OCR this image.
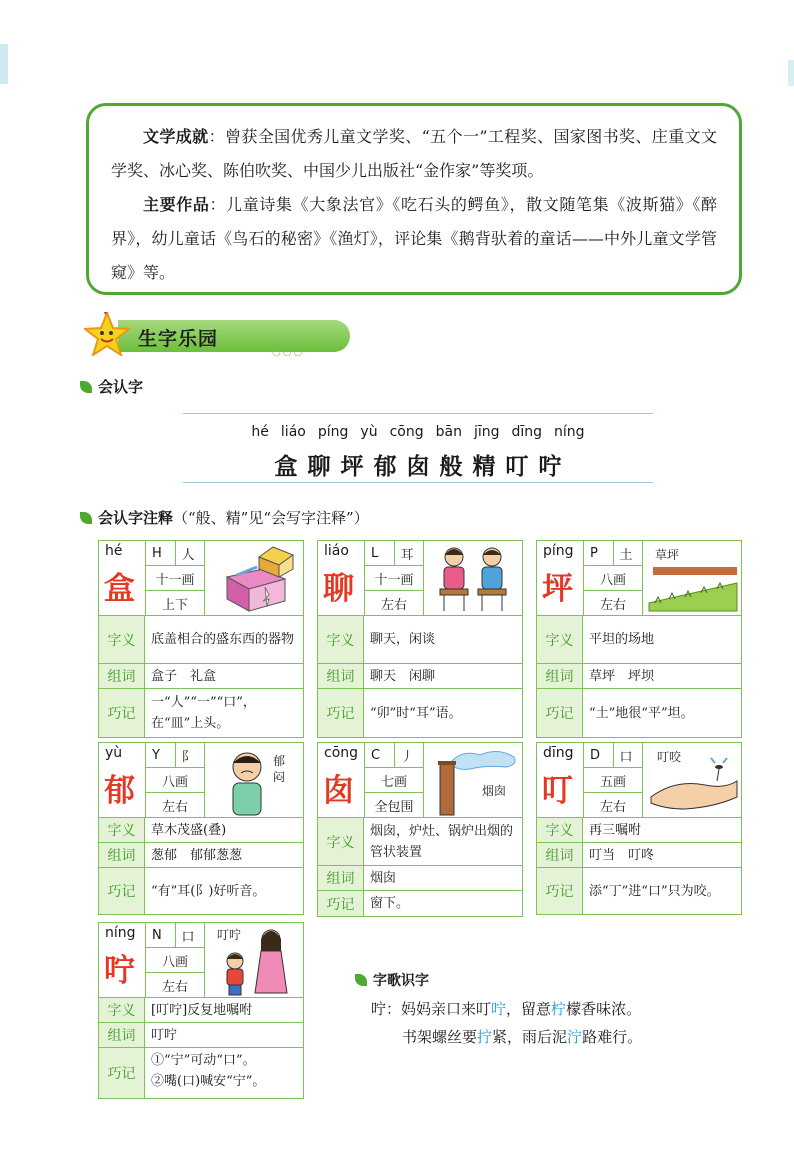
文学成就：曾获全国优秀儿童文学奖、“五个一”工程奖、国家图书奖、庄重文文学奖、冰心奖、陈伯吹奖、中国少儿出版社“金作家”等奖项。

主要作品：儿童诗集《大象法官》《吃石头的鳄鱼》，散文随笔集《波斯猫》《醉界》，幼儿童话《鸟石的秘密》《渔灯》，评论集《鹅背驮着的童话——中外儿童文学管窥》等。

生字乐园
○○○
会认字
hé liáo píng yù cōng bān jīng dīng níng
盒 聊 坪 郁 囱 般 精 叮 咛
会认字注释 （“般、精”见“会写字注释”）
hé
盒
H	人
十一画
上下
字义	底盖相合的盛东西的器物
组词	盒子　礼盒
巧记
一“人”“一”“口”，在“皿”上头。
liáo
聊
L	耳
十一画
左右
字义	聊天，闲谈
组词	聊天　闲聊
巧记	“卯”时“耳”语。
píng
坪
P	土
八画
左右
草坪
字义	平坦的场地
组词	草坪　坪坝
巧记	“土”地很“平”坦。
yù
郁
Y	阝
八画
左右
郁
闷
字义	草木茂盛(叠)
组词	葱郁　郁郁葱葱
巧记	“有”耳(阝)好听音。
cōng
囱
C	丿
七画
全包围
烟囱
字义
烟囱，炉灶、锅炉出烟的管状装置
组词	烟囱
巧记	窗下。
dīng
叮
D	口
五画
左右
叮咬
字义	再三嘱咐
组词	叮当　叮咚
巧记	添“丁”进“口”只为咬。
níng
咛
N	口
八画
左右
叮咛
字义	[叮咛]反复地嘱咐
组词	叮咛
巧记
①“宁”可动“口”。
②嘴(口)喊安“宁”。
字歌识字
咛：妈妈亲口来叮咛，留意柠檬香味浓。
书架螺丝要拧紧，雨后泥泞路难行。
